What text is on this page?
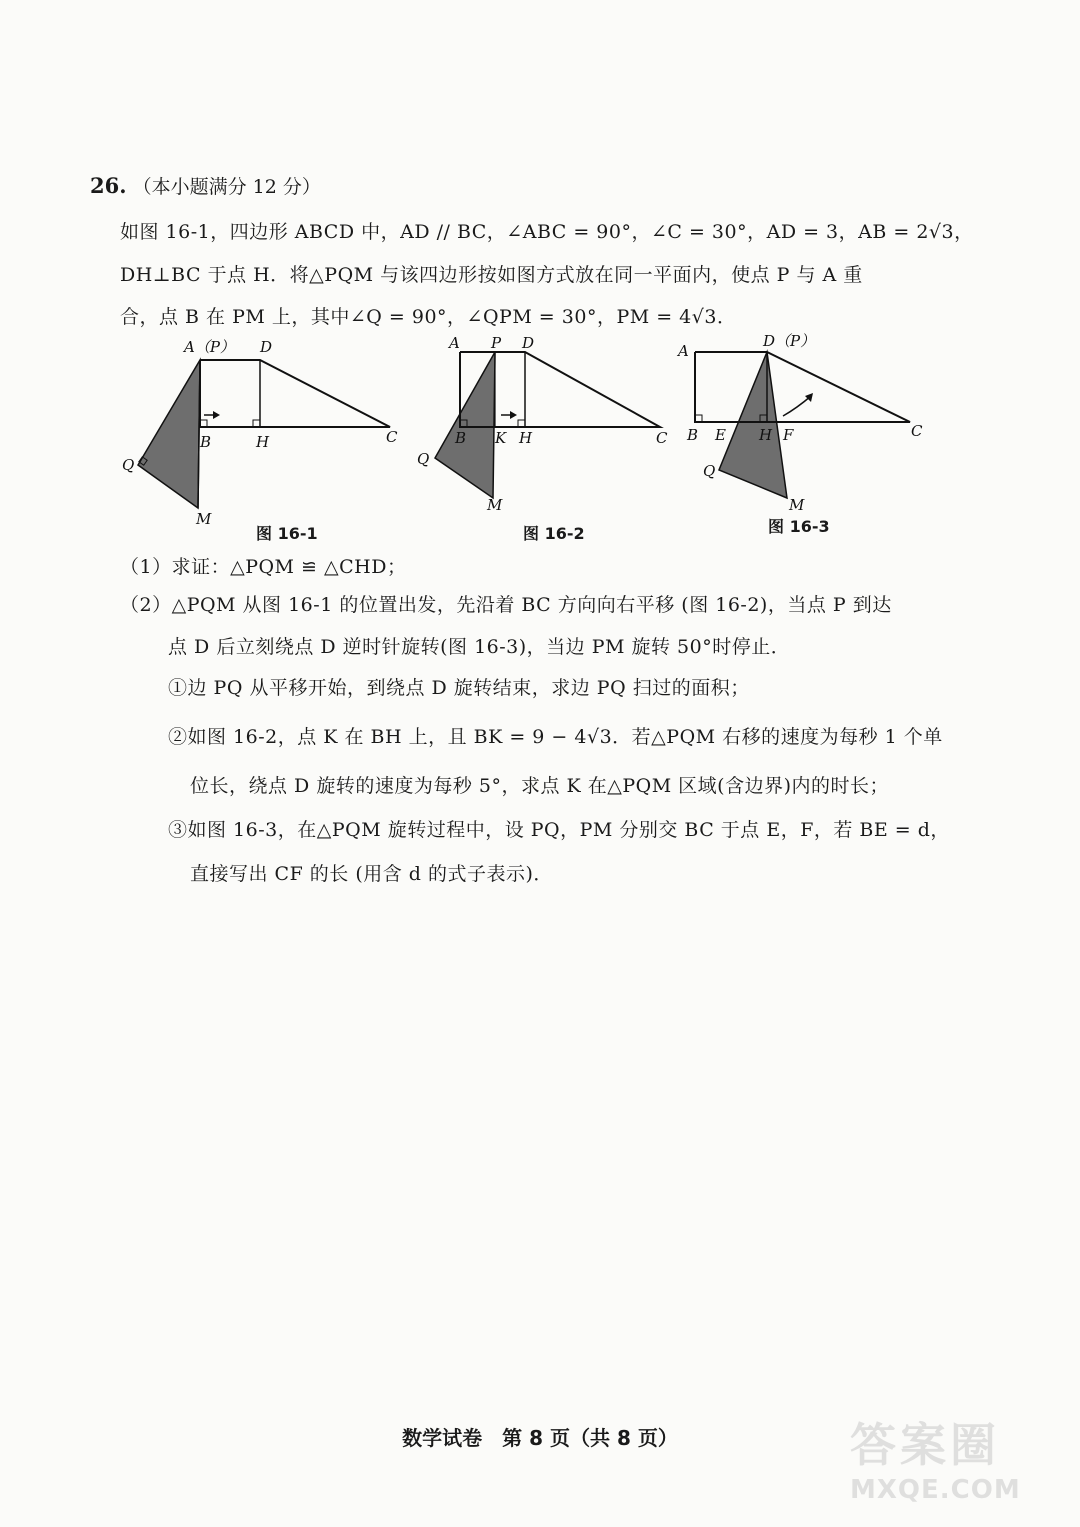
26. （本小题满分 12 分）
如图 16-1，四边形 ABCD 中，AD // BC，∠ABC = 90°，∠C = 30°，AD = 3，AB = 2√3，
DH⊥BC 于点 H．将△PQM 与该四边形按如图方式放在同一平面内，使点 P 与 A 重
合，点 B 在 PM 上，其中∠Q = 90°，∠QPM = 30°，PM = 4√3．
A（P） D
B	H	C
Q
M
图 16-1
A P D
B K H	C
Q
M
图 16-2
A
D（P）
B E H F	C
Q
M
图 16-3
（1）求证：△PQM ≌ △CHD；
（2）△PQM 从图 16-1 的位置出发，先沿着 BC 方向向右平移 (图 16-2)，当点 P 到达
点 D 后立刻绕点 D 逆时针旋转(图 16-3)，当边 PM 旋转 50°时停止．
①边 PQ 从平移开始，到绕点 D 旋转结束，求边 PQ 扫过的面积；
②如图 16-2，点 K 在 BH 上，且 BK = 9 − 4√3．若△PQM 右移的速度为每秒 1 个单
位长，绕点 D 旋转的速度为每秒 5°，求点 K 在△PQM 区域(含边界)内的时长；
③如图 16-3，在△PQM 旋转过程中，设 PQ，PM 分别交 BC 于点 E，F，若 BE = d，
直接写出 CF 的长 (用含 d 的式子表示)．
数学试卷　第 8 页（共 8 页）	答案圈
MXQE.COM
